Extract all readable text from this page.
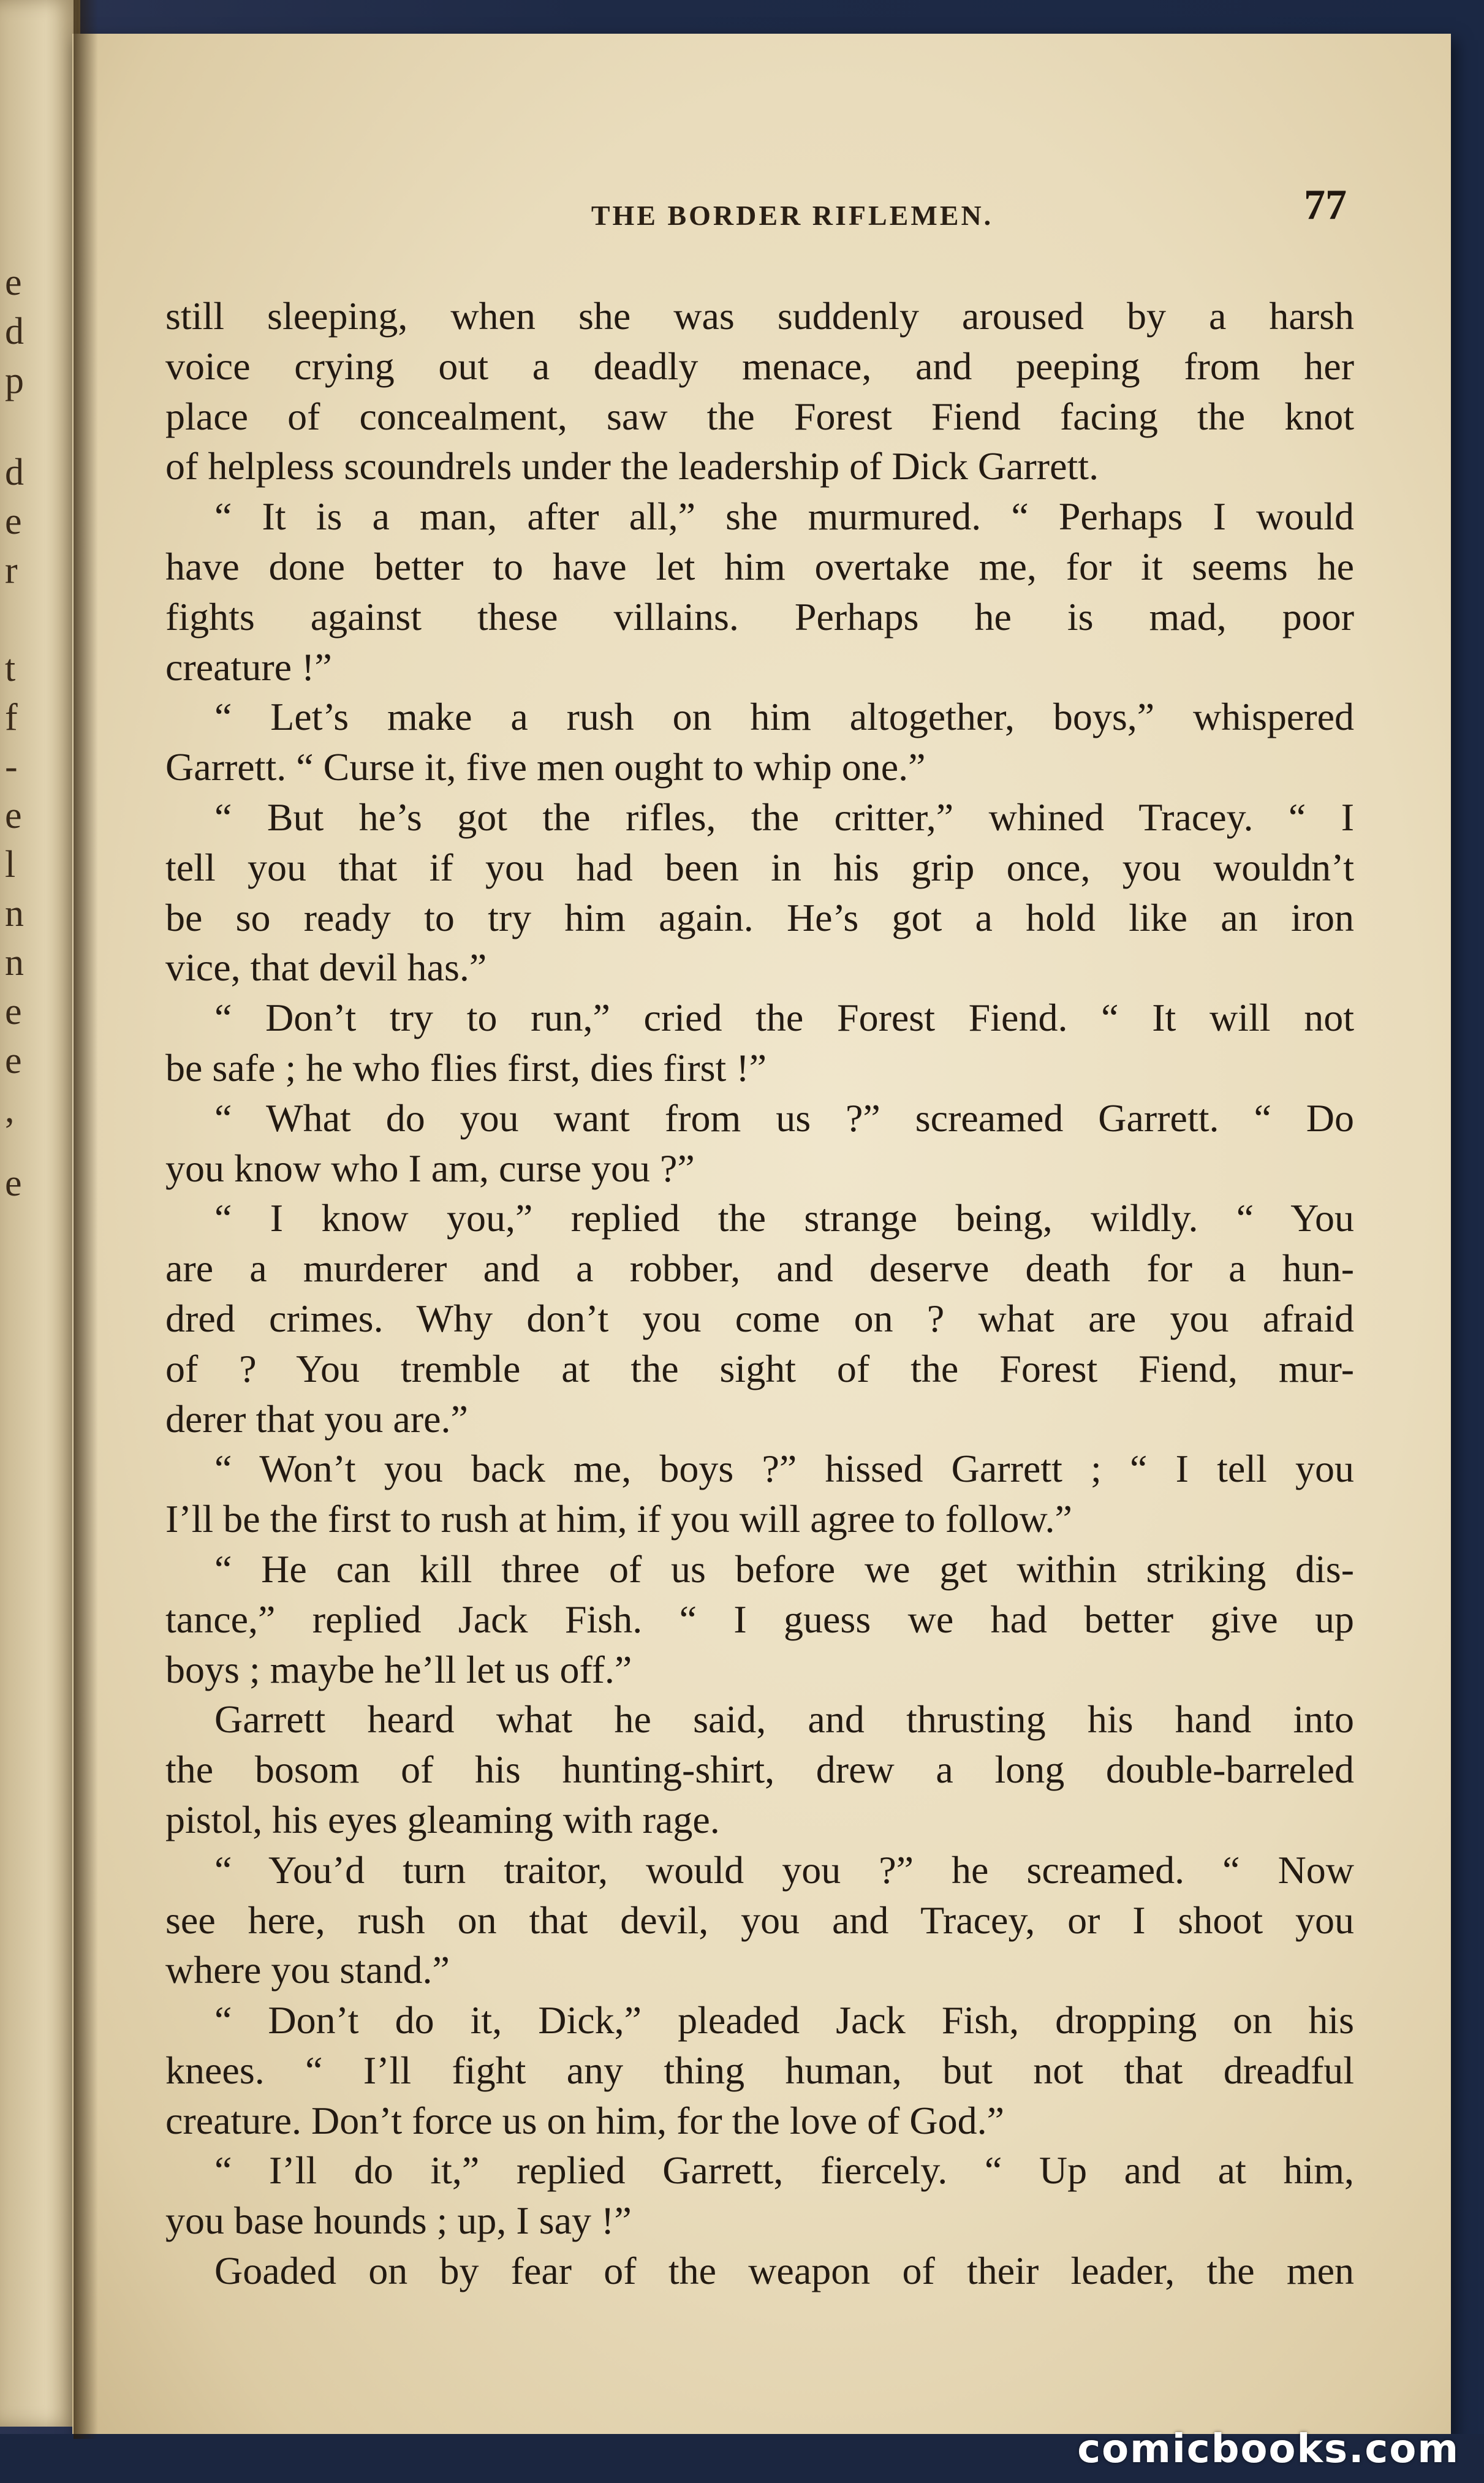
e
d
p
d
e
r
t
f
-
e
l
n
n
e
e
,
e
THE BORDER RIFLEMEN.	77
still sleeping, when she was suddenly aroused by a harsh
voice crying out a deadly menace, and peeping from her
place of concealment, saw the Forest Fiend facing the knot
of helpless scoundrels under the leadership of Dick Garrett.
“ It is a man, after all,” she murmured. “ Perhaps I would
have done better to have let him overtake me, for it seems he
fights against these villains. Perhaps he is mad, poor
creature !”
“ Let’s make a rush on him altogether, boys,” whispered
Garrett. “ Curse it, five men ought to whip one.”
“ But he’s got the rifles, the critter,” whined Tracey. “ I
tell you that if you had been in his grip once, you wouldn’t
be so ready to try him again. He’s got a hold like an iron
vice, that devil has.”
“ Don’t try to run,” cried the Forest Fiend. “ It will not
be safe ; he who flies first, dies first !”
“ What do you want from us ?” screamed Garrett. “ Do
you know who I am, curse you ?”
“ I know you,” replied the strange being, wildly. “ You
are a murderer and a robber, and deserve death for a hun-
dred crimes. Why don’t you come on ? what are you afraid
of ? You tremble at the sight of the Forest Fiend, mur-
derer that you are.”
“ Won’t you back me, boys ?” hissed Garrett ; “ I tell you
I’ll be the first to rush at him, if you will agree to follow.”
“ He can kill three of us before we get within striking dis-
tance,” replied Jack Fish. “ I guess we had better give up
boys ; maybe he’ll let us off.”
Garrett heard what he said, and thrusting his hand into
the bosom of his hunting-shirt, drew a long double-barreled
pistol, his eyes gleaming with rage.
“ You’d turn traitor, would you ?” he screamed. “ Now
see here, rush on that devil, you and Tracey, or I shoot you
where you stand.”
“ Don’t do it, Dick,” pleaded Jack Fish, dropping on his
knees. “ I’ll fight any thing human, but not that dreadful
creature. Don’t force us on him, for the love of God.”
“ I’ll do it,” replied Garrett, fiercely. “ Up and at him,
you base hounds ; up, I say !”
Goaded on by fear of the weapon of their leader, the men
comicbooks.com
